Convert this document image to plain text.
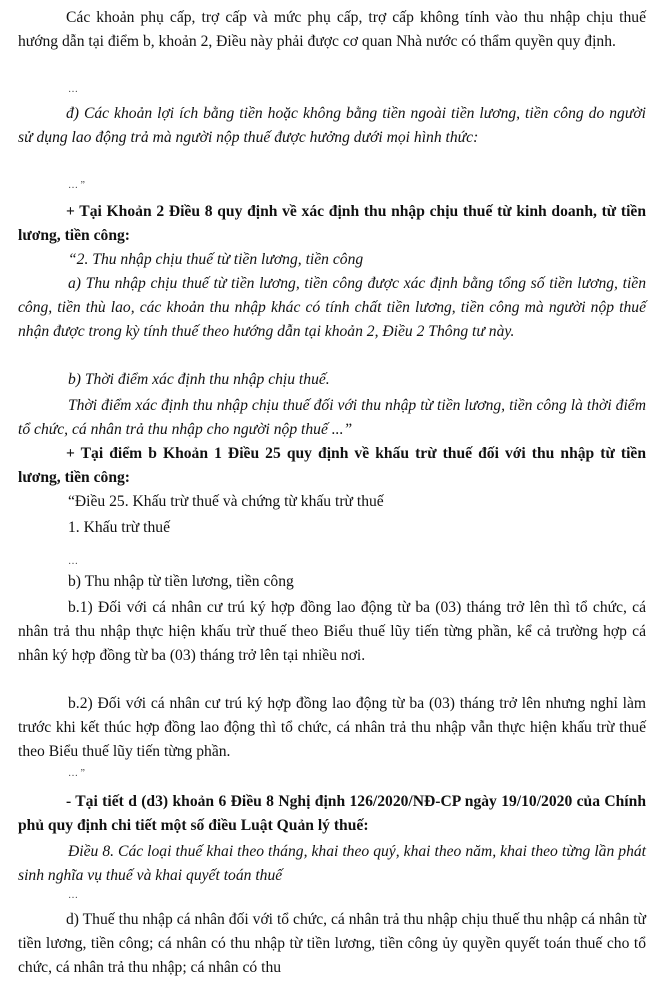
Các khoản phụ cấp, trợ cấp và mức phụ cấp, trợ cấp không tính vào thu nhập chịu thuế hướng dẫn tại điểm b, khoản 2, Điều này phải được cơ quan Nhà nước có thẩm quyền quy định.

…

đ) Các khoản lợi ích bằng tiền hoặc không bằng tiền ngoài tiền lương, tiền công do người sử dụng lao động trả mà người nộp thuế được hưởng dưới mọi hình thức:

… ”

+ Tại Khoản 2 Điều 8 quy định về xác định thu nhập chịu thuế từ kinh doanh, từ tiền lương, tiền công:

“2. Thu nhập chịu thuế từ tiền lương, tiền công

a) Thu nhập chịu thuế từ tiền lương, tiền công được xác định bằng tổng số tiền lương, tiền công, tiền thù lao, các khoản thu nhập khác có tính chất tiền lương, tiền công mà người nộp thuế nhận được trong kỳ tính thuế theo hướng dẫn tại khoản 2, Điều 2 Thông tư này.

b) Thời điểm xác định thu nhập chịu thuế.

Thời điểm xác định thu nhập chịu thuế đối với thu nhập từ tiền lương, tiền công là thời điểm tổ chức, cá nhân trả thu nhập cho người nộp thuế ...”

+ Tại điểm b Khoản 1 Điều 25 quy định về khấu trừ thuế đối với thu nhập từ tiền lương, tiền công:

“Điều 25. Khấu trừ thuế và chứng từ khấu trừ thuế

1. Khấu trừ thuế

…

b) Thu nhập từ tiền lương, tiền công

b.1) Đối với cá nhân cư trú ký hợp đồng lao động từ ba (03) tháng trở lên thì tổ chức, cá nhân trả thu nhập thực hiện khấu trừ thuế theo Biểu thuế lũy tiến từng phần, kể cả trường hợp cá nhân ký hợp đồng từ ba (03) tháng trở lên tại nhiều nơi.

b.2) Đối với cá nhân cư trú ký hợp đồng lao động từ ba (03) tháng trở lên nhưng nghỉ làm trước khi kết thúc hợp đồng lao động thì tổ chức, cá nhân trả thu nhập vẫn thực hiện khấu trừ thuế theo Biểu thuế lũy tiến từng phần.

… ”

- Tại tiết d (d3) khoản 6 Điều 8 Nghị định 126/2020/NĐ-CP ngày 19/10/2020 của Chính phủ quy định chi tiết một số điều Luật Quản lý thuế:

Điều 8. Các loại thuế khai theo tháng, khai theo quý, khai theo năm, khai theo từng lần phát sinh nghĩa vụ thuế và khai quyết toán thuế

…

d) Thuế thu nhập cá nhân đối với tổ chức, cá nhân trả thu nhập chịu thuế thu nhập cá nhân từ tiền lương, tiền công; cá nhân có thu nhập từ tiền lương, tiền công ủy quyền quyết toán thuế cho tổ chức, cá nhân trả thu nhập; cá nhân có thu
